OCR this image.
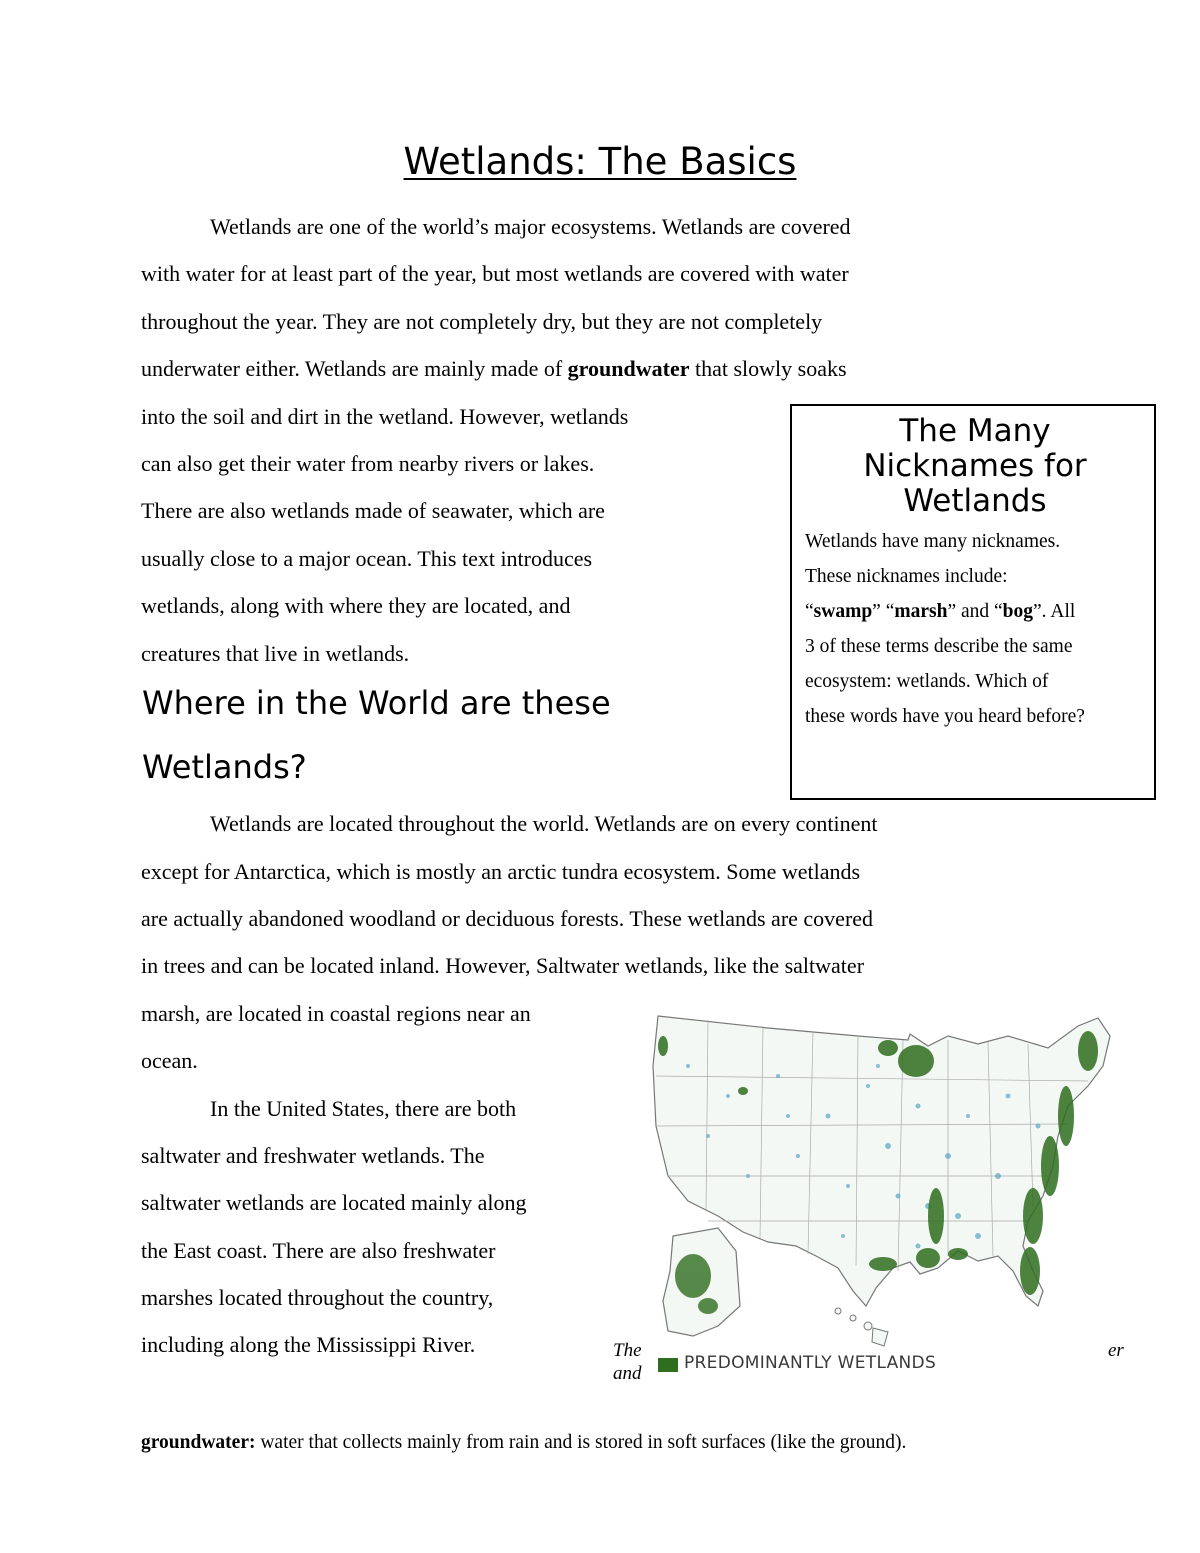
Wetlands: The Basics
Wetlands are one of the world’s major ecosystems. Wetlands are covered
with water for at least part of the year, but most wetlands are covered with water
throughout the year. They are not completely dry, but they are not completely
underwater either. Wetlands are mainly made of groundwater that slowly soaks
into the soil and dirt in the wetland. However, wetlands
can also get their water from nearby rivers or lakes.
There are also wetlands made of seawater, which are
usually close to a major ocean. This text introduces
wetlands, along with where they are located, and
creatures that live in wetlands.
Where in the World are these
Wetlands?
The Many
Nicknames for
Wetlands
Wetlands have many nicknames.
These nicknames include:
“swamp” “marsh” and “bog”. All
3 of these terms describe the same
ecosystem: wetlands. Which of
these words have you heard before?
Wetlands are located throughout the world. Wetlands are on every continent
except for Antarctica, which is mostly an arctic tundra ecosystem. Some wetlands
are actually abandoned woodland or deciduous forests. These wetlands are covered
in trees and can be located inland. However, Saltwater wetlands, like the saltwater
marsh, are located in coastal regions near an
ocean.
In the United States, there are both
saltwater and freshwater wetlands. The
saltwater wetlands are located mainly along
the East coast. There are also freshwater
marshes located throughout the country,
including along the Mississippi River.
PREDOMINANTLY WETLANDS
The
and
er
groundwater: water that collects mainly from rain and is stored in soft surfaces (like the ground).
